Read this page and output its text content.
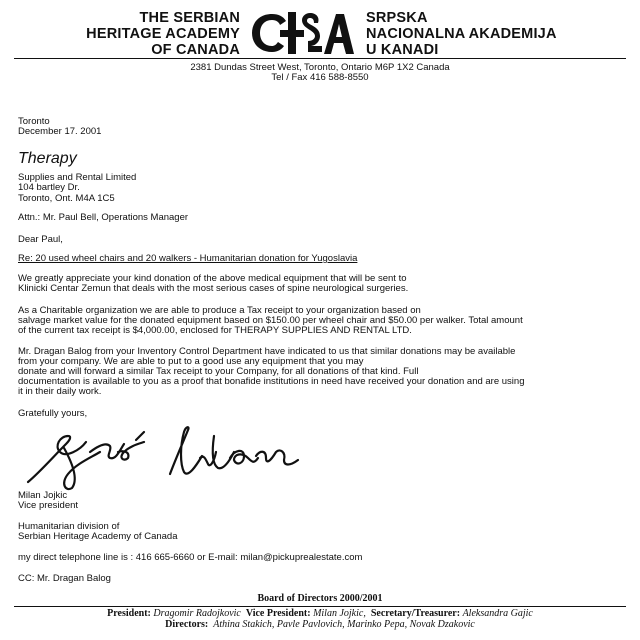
THE SERBIAN
HERITAGE ACADEMY
OF CANADA
SRPSKA
NACIONALNA AKADEMIJA
U KANADI
2381 Dundas Street West, Toronto, Ontario M6P 1X2 Canada
Tel / Fax 416 588-8550
Toronto
December 17. 2001
Therapy
Supplies and Rental Limited
104 bartley Dr.
Toronto, Ont. M4A 1C5
Attn.: Mr. Paul Bell, Operations Manager
Dear Paul,
Re: 20 used wheel chairs and 20 walkers - Humanitarian donation for Yugoslavia
We greatly appreciate your kind donation of the above medical equipment that will be sent to
Klinicki Centar Zemun that deals with the most serious cases of spine neurological surgeries.
As a Charitable organization we are able to produce a Tax receipt to your organization based on
salvage market value for the donated equipment based on $150.00 per wheel chair and $50.00 per walker. Total amount
of the current tax receipt is $4,000.00, enclosed for THERAPY SUPPLIES AND RENTAL LTD.
Mr. Dragan Balog from your Inventory Control Department have indicated to us that similar donations may be available
from your company. We are able to put to a good use any equipment that you may
donate and will forward a similar Tax receipt to your Company, for all donations of that kind. Full
documentation is available to you as a proof that bonafide institutions in need have received your donation and are using
it in their daily work.
Gratefully yours,
Milan Jojkic
Vice president
Humanitarian division of
Serbian Heritage Academy of Canada
my direct telephone line is : 416 665-6660 or E-mail: milan@pickuprealestate.com
CC: Mr. Dragan Balog
Board of Directors 2000/2001
President: Dragomir Radojkovic Vice President: Milan Jojkic, Secretary/Treasurer: Aleksandra Gajic
Directors: Athina Stakich, Pavle Pavlovich, Marinko Pepa, Novak Dzakovic
